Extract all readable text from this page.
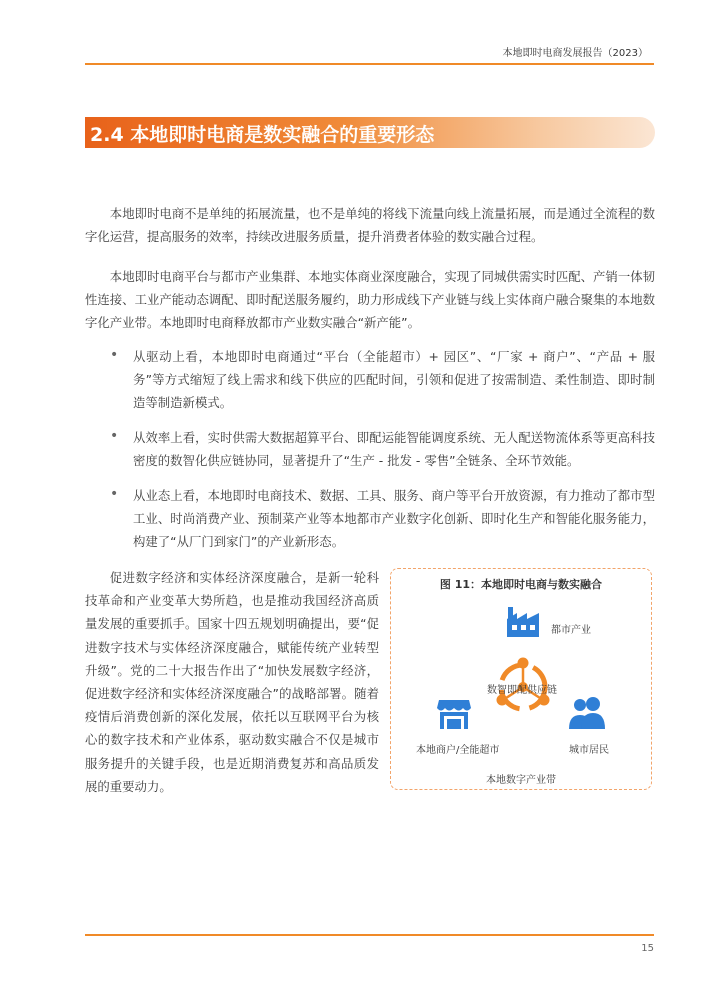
本地即时电商发展报告（2023）
2.4 本地即时电商是数实融合的重要形态

本地即时电商不是单纯的拓展流量，也不是单纯的将线下流量向线上流量拓展，而是通过全流程的数字化运营，提高服务的效率，持续改进服务质量，提升消费者体验的数实融合过程。

本地即时电商平台与都市产业集群、本地实体商业深度融合，实现了同城供需实时匹配、产销一体韧性连接、工业产能动态调配、即时配送服务履约，助力形成线下产业链与线上实体商户融合聚集的本地数字化产业带。本地即时电商释放都市产业数实融合“新产能”。

• 从驱动上看，本地即时电商通过“平台（全能超市）+ 园区”、“厂家 + 商户”、“产品 + 服务”等方式缩短了线上需求和线下供应的匹配时间，引领和促进了按需制造、柔性制造、即时制造等制造新模式。

• 从效率上看，实时供需大数据超算平台、即配运能智能调度系统、无人配送物流体系等更高科技密度的数智化供应链协同，显著提升了“生产 - 批发 - 零售”全链条、全环节效能。

• 从业态上看，本地即时电商技术、数据、工具、服务、商户等平台开放资源，有力推动了都市型工业、时尚消费产业、预制菜产业等本地都市产业数字化创新、即时化生产和智能化服务能力，构建了“从厂门到家门”的产业新形态。

促进数字经济和实体经济深度融合，是新一轮科技革命和产业变革大势所趋，也是推动我国经济高质量发展的重要抓手。国家十四五规划明确提出，要“促进数字技术与实体经济深度融合，赋能传统产业转型升级”。党的二十大报告作出了“加快发展数字经济，促进数字经济和实体经济深度融合”的战略部署。随着疫情后消费创新的深化发展，依托以互联网平台为核心的数字技术和产业体系，驱动数实融合不仅是城市服务提升的关键手段，也是近期消费复苏和高品质发展的重要动力。

图 11：本地即时电商与数实融合
都市产业
数智即配供应链
本地商户/全能超市	城市居民
本地数字产业带
15
